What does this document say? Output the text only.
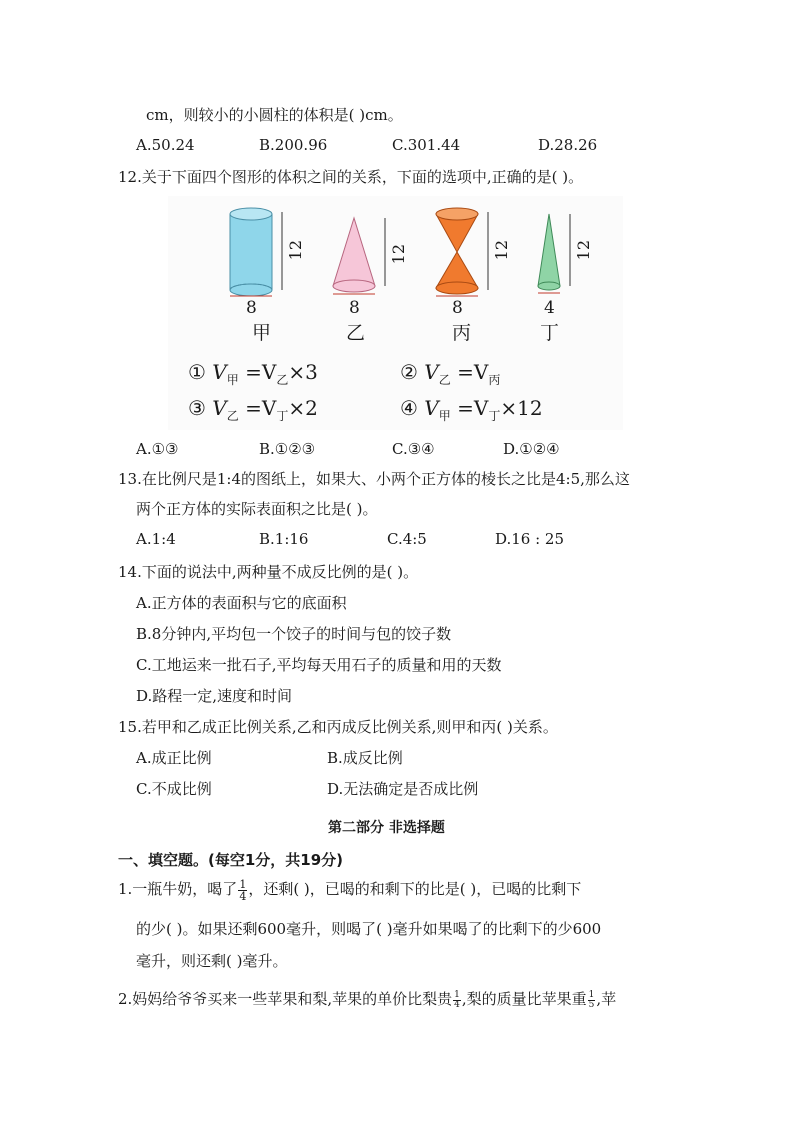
cm，则较小的小圆柱的体积是( )cm。
A.50.24	B.200.96	C.301.44	D.28.26
12.关于下面四个图形的体积之间的关系，下面的选项中,正确的是( )。
12	12	12	12
8	8	8	4
甲	乙	丙	丁
① $V_甲 =V_乙\times 3$	② $V_乙 =V_丙$
③ $V_乙 =V_丁\times 2$	④ $V_甲 =V_丁\times 12$
A.①③	B.①②③	C.③④	D.①②④
13.在比例尺是1:4的图纸上，如果大、小两个正方体的棱长之比是4:5,那么这
两个正方体的实际表面积之比是( )。
A.1:4	B.1:16	C.4:5	D.16 : 25
14.下面的说法中,两种量不成反比例的是( )。
A.正方体的表面积与它的底面积
B.8分钟内,平均包一个饺子的时间与包的饺子数
C.工地运来一批石子,平均每天用石子的质量和用的天数
D.路程一定,速度和时间
15.若甲和乙成正比例关系,乙和丙成反比例关系,则甲和丙( )关系。
A.成正比例	B.成反比例
C.不成比例	D.无法确定是否成比例
第二部分 非选择题
一、填空题。(每空1分，共19分)
1.一瓶牛奶，喝了 $\frac{1}{4}$ ，还剩( )，已喝的和剩下的比是( )，已喝的比剩下
的少( )。如果还剩600毫升，则喝了( )毫升如果喝了的比剩下的少600
毫升，则还剩( )毫升。
2.妈妈给爷爷买来一些苹果和梨,苹果的单价比梨贵 $\frac{1}{4}$ ,梨的质量比苹果重 $\frac{1}{5}$ ,苹
